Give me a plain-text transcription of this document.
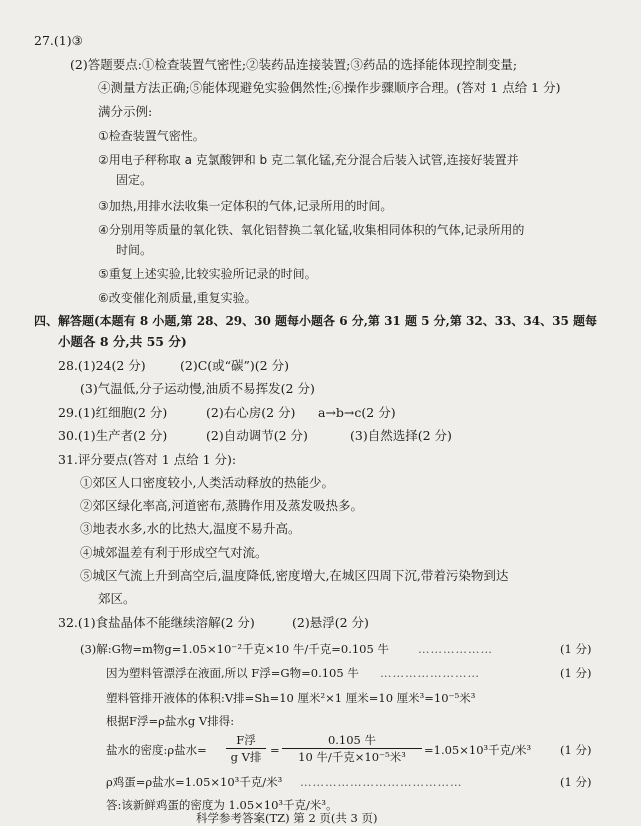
27.(1)③
(2)答题要点:①检查装置气密性;②装药品连接装置;③药品的选择能体现控制变量;
④测量方法正确;⑤能体现避免实验偶然性;⑥操作步骤顺序合理。(答对 1 点给 1 分)
满分示例:
①检查装置气密性。
②用电子秤称取 a 克氯酸钾和 b 克二氧化锰,充分混合后装入试管,连接好装置并
固定。
③加热,用排水法收集一定体积的气体,记录所用的时间。
④分别用等质量的氧化铁、氧化铝替换二氧化锰,收集相同体积的气体,记录所用的
时间。
⑤重复上述实验,比较实验所记录的时间。
⑥改变催化剂质量,重复实验。
四、解答题(本题有 8 小题,第 28、29、30 题每小题各 6 分,第 31 题 5 分,第 32、33、34、35 题每
小题各 8 分,共 55 分)
28.(1)24(2 分)	(2)C(或“碳”)(2 分)
(3)气温低,分子运动慢,油质不易挥发(2 分)
29.(1)红细胞(2 分)	(2)右心房(2 分) a→b→c(2 分)
30.(1)生产者(2 分)	(2)自动调节(2 分)	(3)自然选择(2 分)
31.评分要点(答对 1 点给 1 分):
①郊区人口密度较小,人类活动释放的热能少。
②郊区绿化率高,河道密布,蒸腾作用及蒸发吸热多。
③地表水多,水的比热大,温度不易升高。
④城郊温差有利于形成空气对流。
⑤城区气流上升到高空后,温度降低,密度增大,在城区四周下沉,带着污染物到达
郊区。
32.(1)食盐晶体不能继续溶解(2 分)	(2)悬浮(2 分)
(3)解:G物=m物g=1.05×10⁻²千克×10 牛/千克=0.105 牛	………………	(1 分)
因为塑料管漂浮在液面,所以 F浮=G物=0.105 牛 ……………………	(1 分)
塑料管排开液体的体积:V排=Sh=10 厘米²×1 厘米=10 厘米³=10⁻⁵米³
根据F浮=ρ盐水g V排得:
盐水的密度:ρ盐水=
F浮
g V排 =
0.105 牛
10 牛/千克×10⁻⁵米³	=1.05×10³千克/米³	(1 分)
ρ鸡蛋=ρ盐水=1.05×10³千克/米³ …………………………………	(1 分)
答:该新鲜鸡蛋的密度为 1.05×10³千克/米³。
科学参考答案(TZ) 第 2 页(共 3 页)
